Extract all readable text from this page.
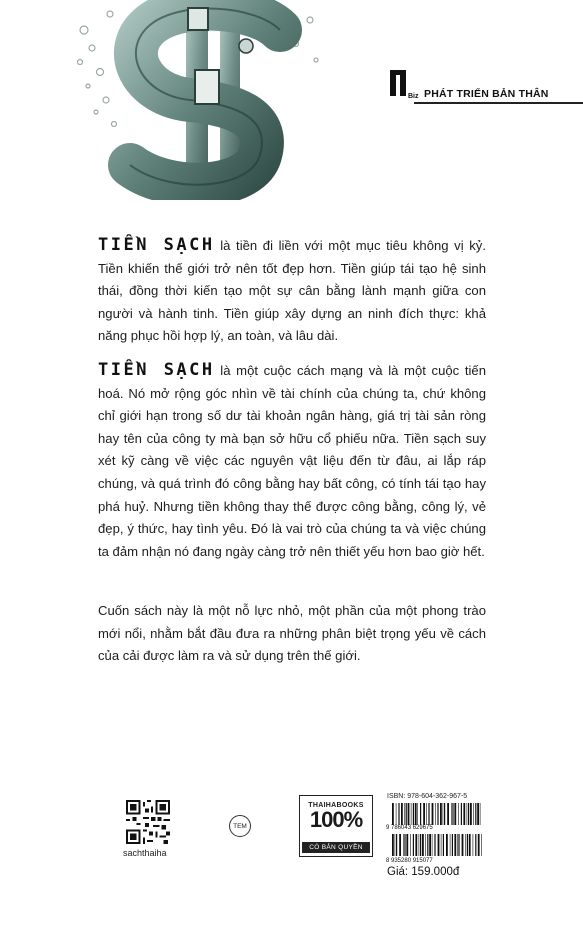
Biz PHÁT TRIỂN BẢN THÂN

TIỀN SẠCH là tiền đi liền với một mục tiêu không vị kỷ. Tiền khiến thế giới trở nên tốt đẹp hơn. Tiền giúp tái tạo hệ sinh thái, đồng thời kiến tạo một sự cân bằng lành mạnh giữa con người và hành tinh. Tiền giúp xây dựng an ninh đích thực: khả năng phục hồi hợp lý, an toàn, và lâu dài.

TIỀN SẠCH là một cuộc cách mạng và là một cuộc tiến hoá. Nó mở rộng góc nhìn về tài chính của chúng ta, chứ không chỉ giới hạn trong số dư tài khoản ngân hàng, giá trị tài sản ròng hay tên của công ty mà bạn sở hữu cổ phiếu nữa. Tiền sạch suy xét kỹ càng về việc các nguyên vật liệu đến từ đâu, ai lắp ráp chúng, và quá trình đó công bằng hay bất công, có tính tái tạo hay phá huỷ. Nhưng tiền không thay thế được công bằng, công lý, vẻ đẹp, ý thức, hay tình yêu. Đó là vai trò của chúng ta và việc chúng ta đảm nhận nó đang ngày càng trở nên thiết yếu hơn bao giờ hết.

Cuốn sách này là một nỗ lực nhỏ, một phần của một phong trào mới nổi, nhằm bắt đầu đưa ra những phân biệt trọng yếu về cách của cải được làm ra và sử dụng trên thế giới.

sachthaiha
TEM
THAIHABOOKS
100%
CÓ BẢN QUYỀN
ISBN: 978-604-362-967-5
9 786043 629675
8 935280 915077
Giá: 159.000đ
